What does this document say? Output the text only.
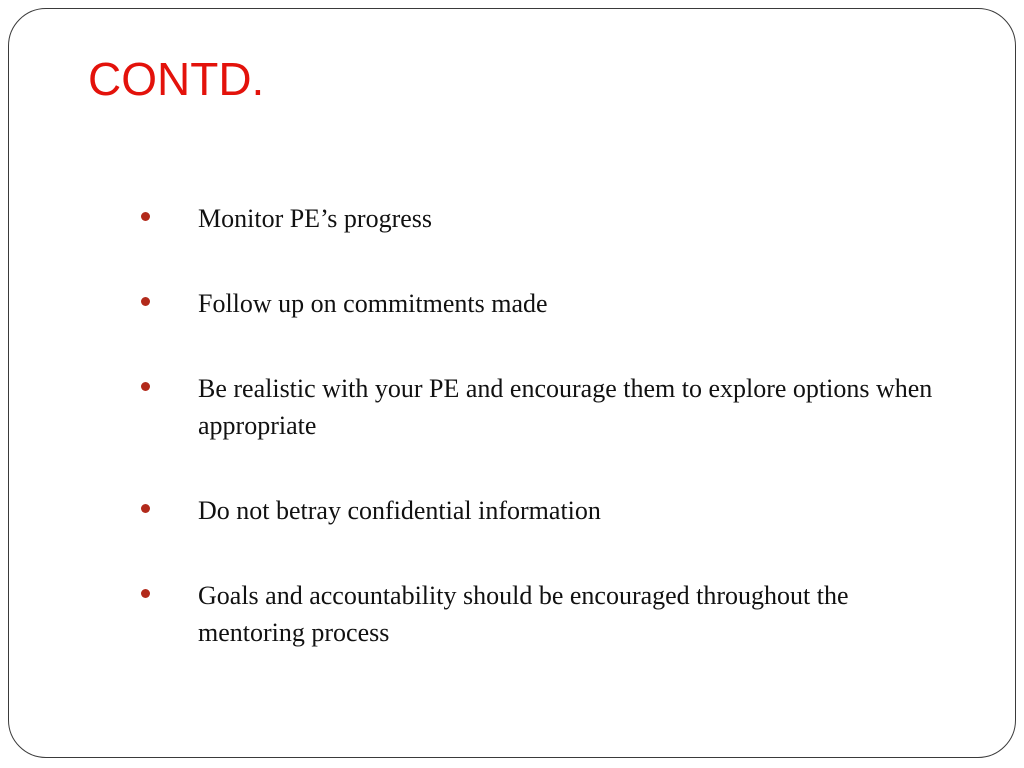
CONTD.
Monitor PE’s progress
Follow up on commitments made
Be realistic with your PE and encourage them to explore options when appropriate
Do not betray confidential information
Goals and accountability should be encouraged throughout the mentoring process
